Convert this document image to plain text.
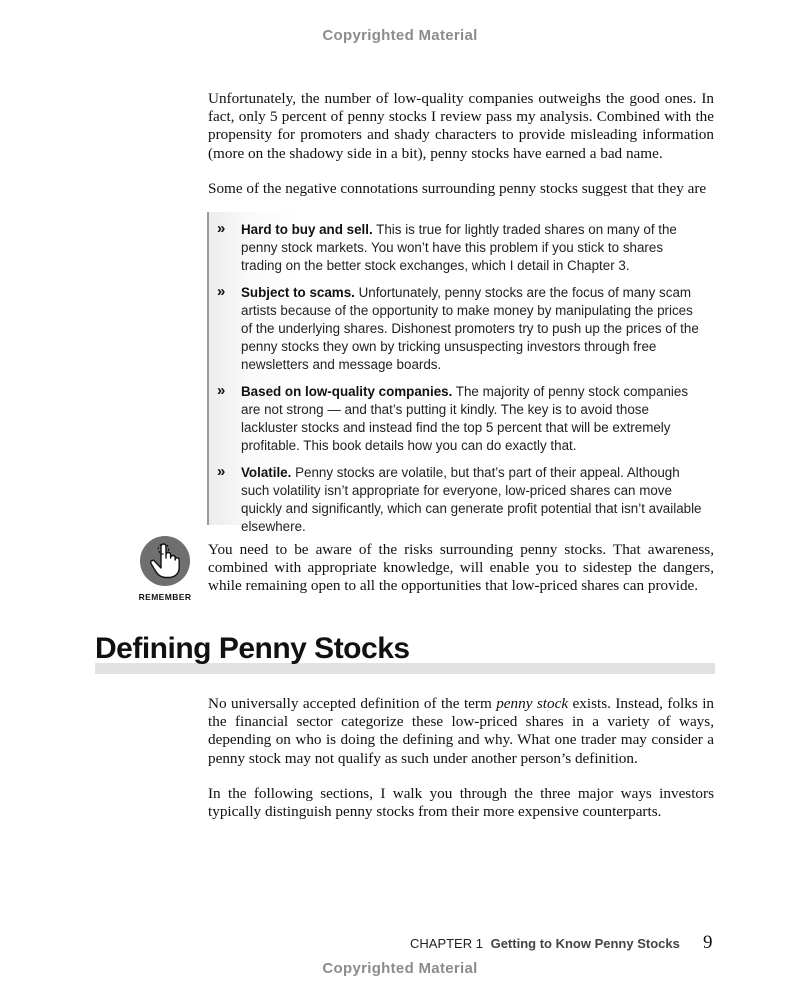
Copyrighted Material
Unfortunately, the number of low-quality companies outweighs the good ones. In fact, only 5 percent of penny stocks I review pass my analysis. Combined with the propensity for promoters and shady characters to provide misleading information (more on the shadowy side in a bit), penny stocks have earned a bad name.
Some of the negative connotations surrounding penny stocks suggest that they are
» Hard to buy and sell. This is true for lightly traded shares on many of the penny stock markets. You won’t have this problem if you stick to shares trading on the better stock exchanges, which I detail in Chapter 3.
» Subject to scams. Unfortunately, penny stocks are the focus of many scam artists because of the opportunity to make money by manipulating the prices of the underlying shares. Dishonest promoters try to push up the prices of the penny stocks they own by tricking unsuspecting investors through free newsletters and message boards.
» Based on low-quality companies. The majority of penny stock companies are not strong — and that’s putting it kindly. The key is to avoid those lackluster stocks and instead find the top 5 percent that will be extremely profitable. This book details how you can do exactly that.
» Volatile. Penny stocks are volatile, but that’s part of their appeal. Although such volatility isn’t appropriate for everyone, low-priced shares can move quickly and significantly, which can generate profit potential that isn’t available elsewhere.
REMEMBER
You need to be aware of the risks surrounding penny stocks. That awareness, combined with appropriate knowledge, will enable you to sidestep the dangers, while remaining open to all the opportunities that low-priced shares can provide.
Defining Penny Stocks
No universally accepted definition of the term penny stock exists. Instead, folks in the financial sector categorize these low-priced shares in a variety of ways, depending on who is doing the defining and why. What one trader may consider a penny stock may not qualify as such under another person’s definition.
In the following sections, I walk you through the three major ways investors typically distinguish penny stocks from their more expensive counterparts.
CHAPTER 1 Getting to Know Penny Stocks 9
Copyrighted Material
